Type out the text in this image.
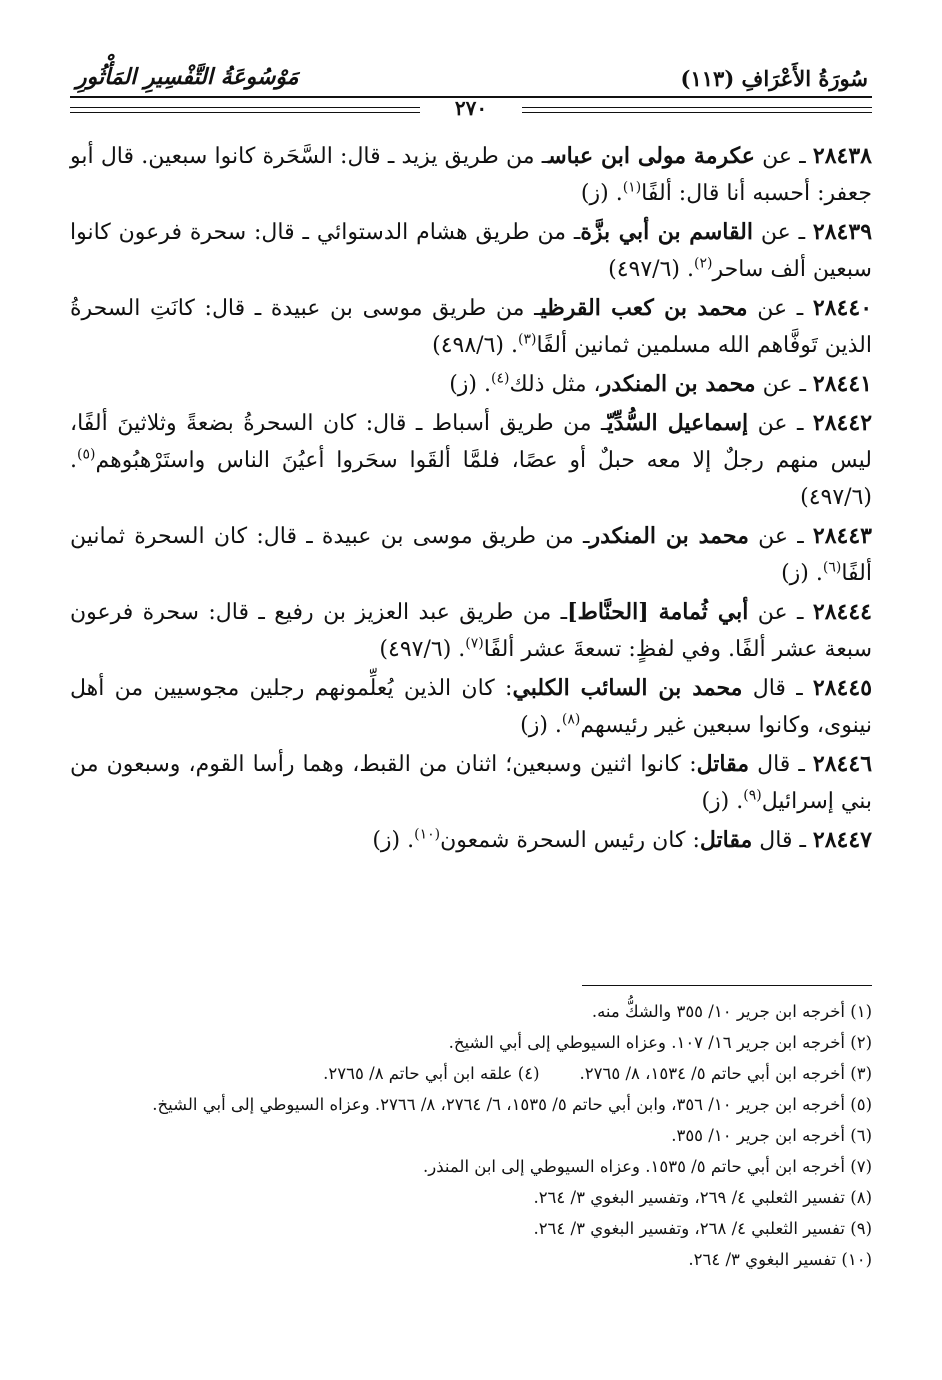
مَوْسُوعَةُ التَّفْسِيرِ المَأْثُورِ	سُورَةُ الأَعْرَافِ (١١٣)
٢٧٠

٢٨٤٣٨ ـ عن عكرمة مولى ابن عباسـ من طريق يزيد ـ قال: السَّحَرة كانوا سبعين. قال أبو جعفر: أحسبه أنا قال: ألفًا$^{(١)}$. (ز)

٢٨٤٣٩ ـ عن القاسم بن أبي بزَّةـ من طريق هشام الدستوائي ـ قال: سحرة فرعون كانوا سبعين ألف ساحر$^{(٢)}$. (٤٩٧/٦)

٢٨٤٤٠ ـ عن محمد بن كعب القرظيـ من طريق موسى بن عبيدة ـ قال: كانَتِ السحرةُ الذين تَوفَّاهم الله مسلمين ثمانين ألفًا$^{(٣)}$. (٤٩٨/٦)

٢٨٤٤١ ـ عن محمد بن المنكدر، مثل ذلك$^{(٤)}$. (ز)

٢٨٤٤٢ ـ عن إسماعيل السُّدِّيّـ من طريق أسباط ـ قال: كان السحرةُ بضعةً وثلاثينَ ألفًا، ليس منهم رجلٌ إلا معه حبلٌ أو عصًا، فلمَّا ألقَوا سحَروا أعيُنَ الناس واستَرْهبُوهم$^{(٥)}$. (٤٩٧/٦)

٢٨٤٤٣ ـ عن محمد بن المنكدرـ من طريق موسى بن عبيدة ـ قال: كان السحرة ثمانين ألفًا$^{(٦)}$. (ز)

٢٨٤٤٤ ـ عن أبي ثُمامة [الحنَّاط]ـ من طريق عبد العزيز بن رفيع ـ قال: سحرة فرعون سبعة عشر ألفًا. وفي لفظٍ: تسعةَ عشر ألفًا$^{(٧)}$. (٤٩٧/٦)

٢٨٤٤٥ ـ قال محمد بن السائب الكلبي: كان الذين يُعلِّمونهم رجلين مجوسيين من أهل نينوى، وكانوا سبعين غير رئيسهم$^{(٨)}$. (ز)

٢٨٤٤٦ ـ قال مقاتل: كانوا اثنين وسبعين؛ اثنان من القبط، وهما رأسا القوم، وسبعون من بني إسرائيل$^{(٩)}$. (ز)

٢٨٤٤٧ ـ قال مقاتل: كان رئيس السحرة شمعون$^{(١٠)}$. (ز)

(١) أخرجه ابن جرير ١٠/ ٣٥٥ والشكُّ منه.
(٢) أخرجه ابن جرير ١٦/ ١٠٧. وعزاه السيوطي إلى أبي الشيخ.
(٣) أخرجه ابن أبي حاتم ٥/ ١٥٣٤، ٨/ ٢٧٦٥.(٤) علقه ابن أبي حاتم ٨/ ٢٧٦٥.
(٥) أخرجه ابن جرير ١٠/ ٣٥٦، وابن أبي حاتم ٥/ ١٥٣٥، ٦/ ٢٧٦٤، ٨/ ٢٧٦٦. وعزاه السيوطي إلى أبي الشيخ.
(٦) أخرجه ابن جرير ١٠/ ٣٥٥.
(٧) أخرجه ابن أبي حاتم ٥/ ١٥٣٥. وعزاه السيوطي إلى ابن المنذر.
(٨) تفسير الثعلبي ٤/ ٢٦٩، وتفسير البغوي ٣/ ٢٦٤.
(٩) تفسير الثعلبي ٤/ ٢٦٨، وتفسير البغوي ٣/ ٢٦٤.
(١٠) تفسير البغوي ٣/ ٢٦٤.
